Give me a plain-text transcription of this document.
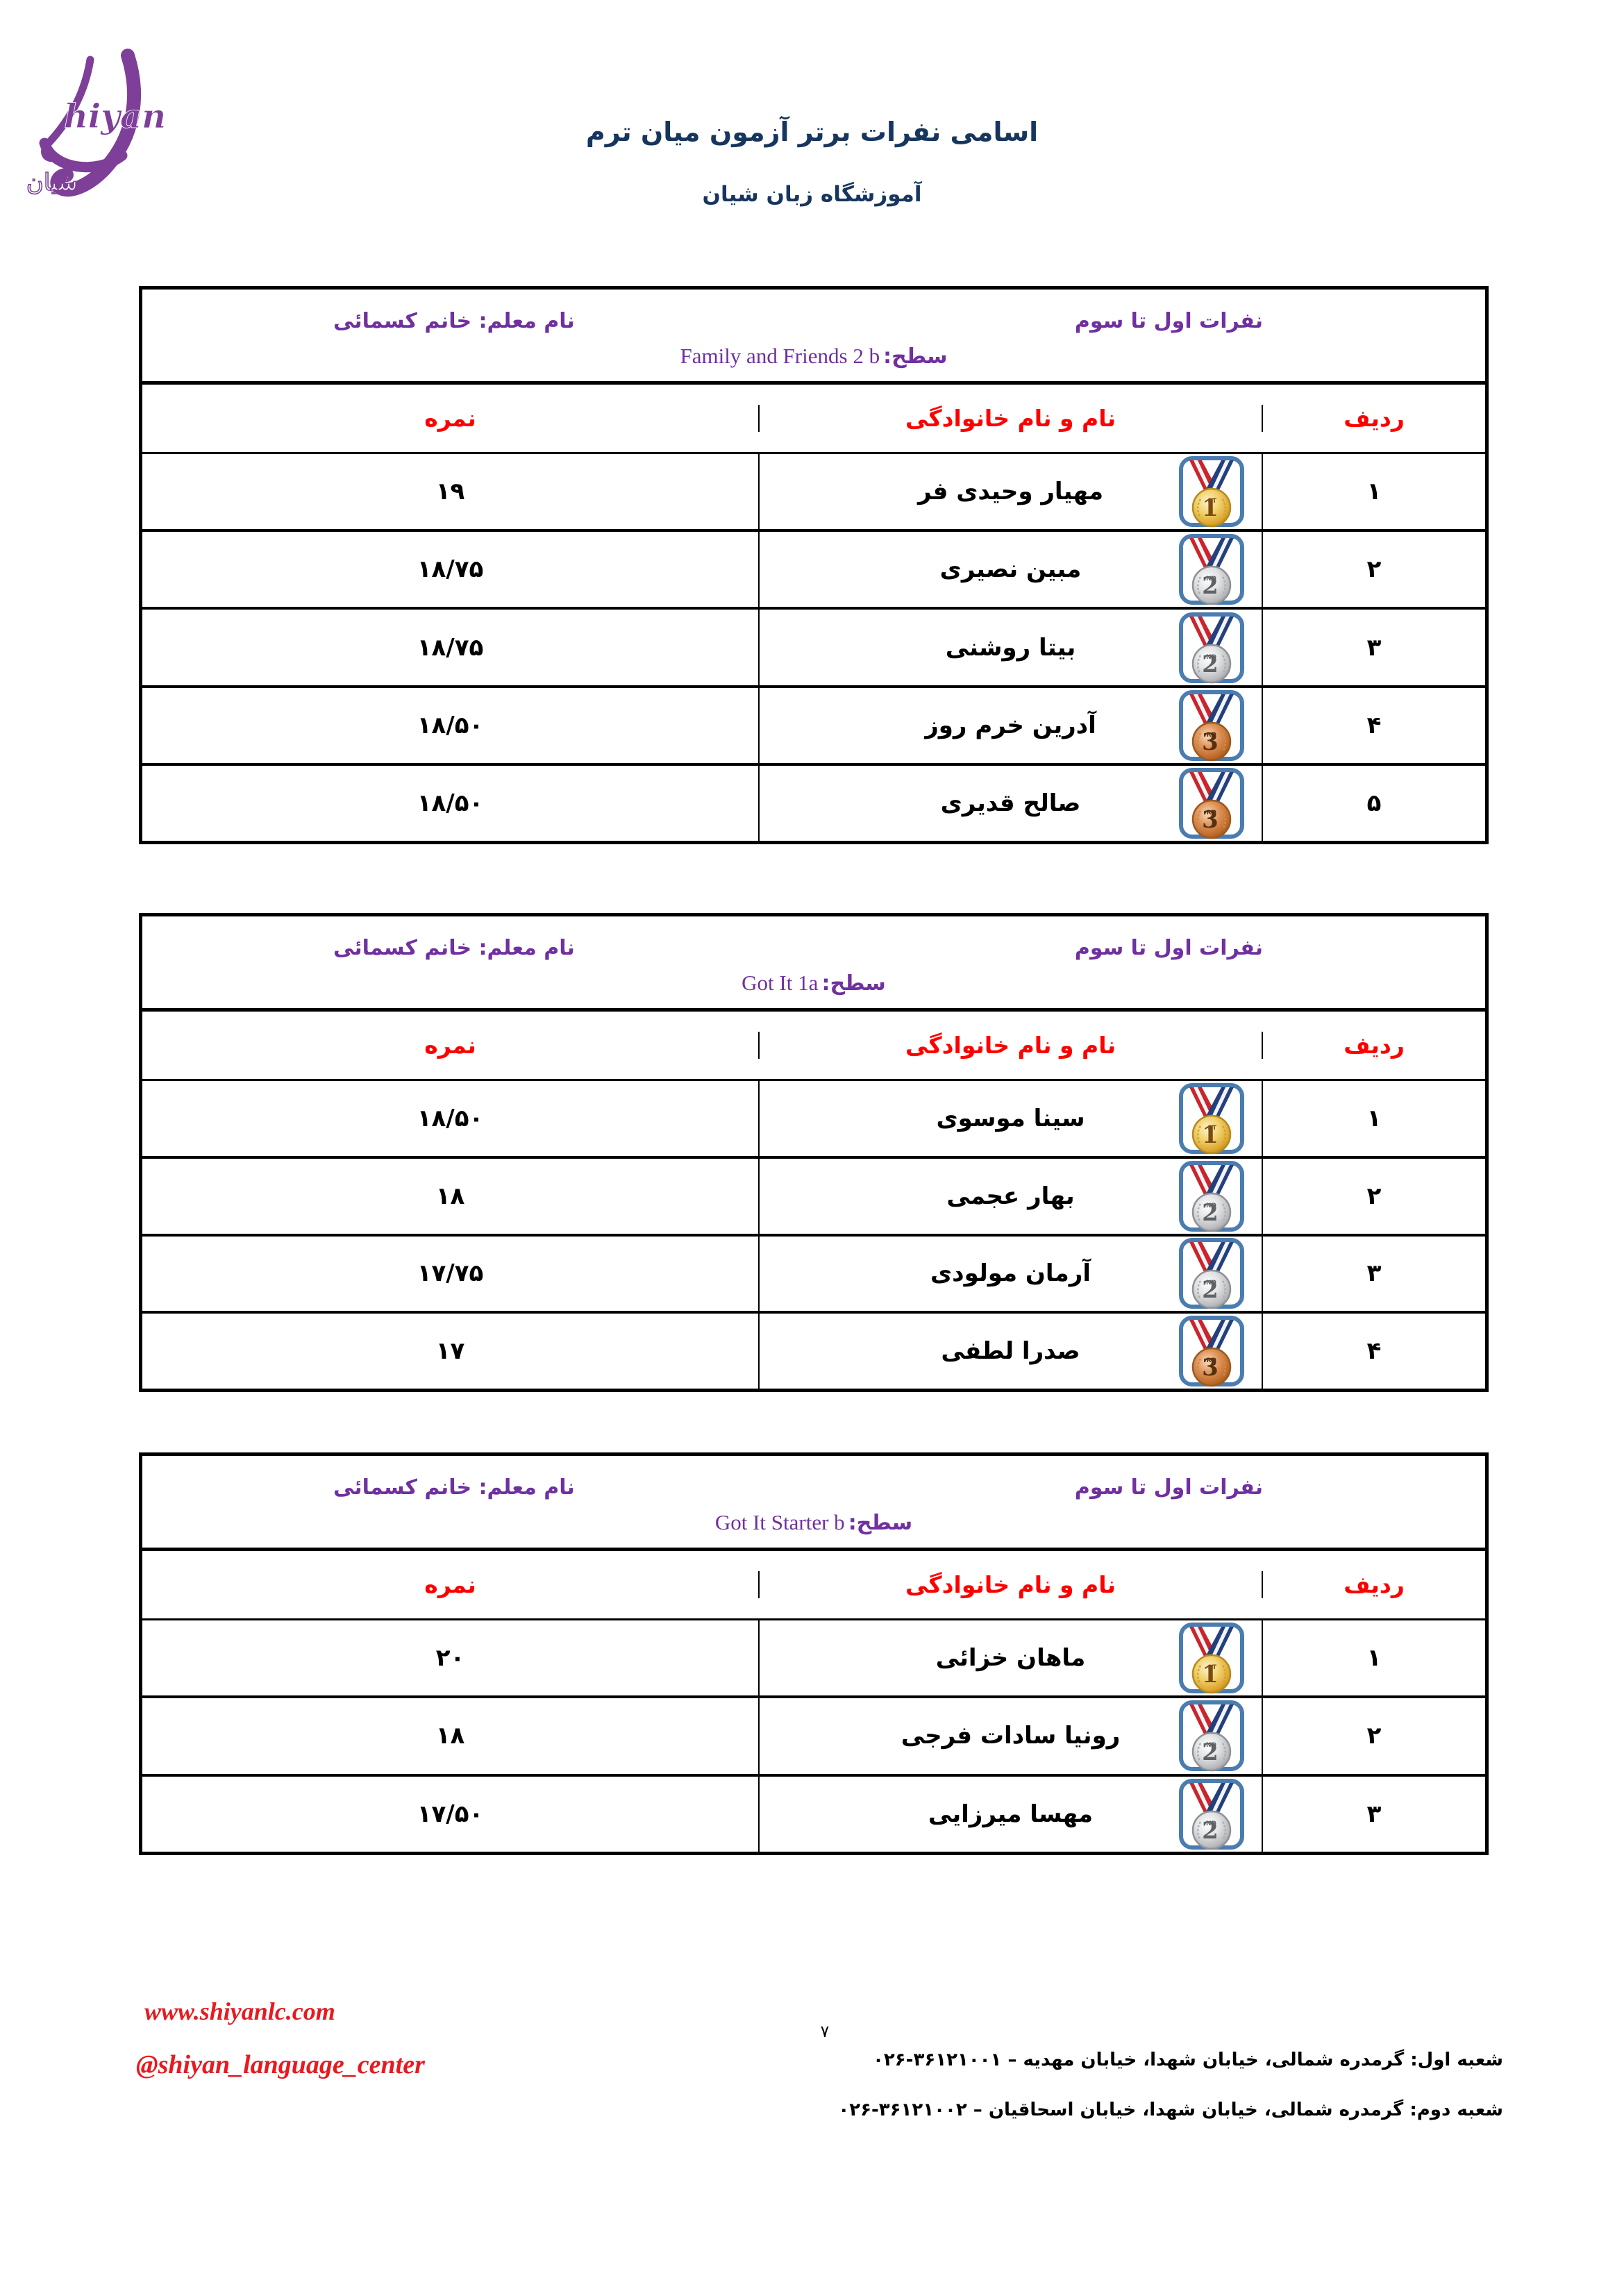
hiyan
شیان
اسامی نفرات برتر آزمون میان ترم
آموزشگاه زبان شیان
نفرات اول تا سوم
نام معلم: خانم کسمائی
سطح: Family and Friends 2 b
ردیف
نام و نام خانوادگی
نمره
۱
مهیار وحیدی فر
۱۹
۲
مبین نصیری
۱۸/۷۵
۳
بیتا روشنی
۱۸/۷۵
۴
آدرین خرم روز
۱۸/۵۰
۵
صالح قدیری
۱۸/۵۰
نفرات اول تا سوم
نام معلم: خانم کسمائی
سطح: Got It 1a
ردیف
نام و نام خانوادگی
نمره
۱
سینا موسوی
۱۸/۵۰
۲
بهار عجمی
۱۸
۳
آرمان مولودی
۱۷/۷۵
۴
صدرا لطفی
۱۷
نفرات اول تا سوم
نام معلم: خانم کسمائی
سطح: Got It Starter b
ردیف
نام و نام خانوادگی
نمره
۱
ماهان خزائی
۲۰
۲
رونیا سادات فرجی
۱۸
۳
مهسا میرزایی
۱۷/۵۰
www.shiyanlc.com
@shiyan_language_center
۷
شعبه اول: گرمدره شمالی، خیابان شهدا، خیابان مهدیه – ۳۶۱۲۱۰۰۱-۰۲۶
شعبه دوم: گرمدره شمالی، خیابان شهدا، خیابان اسحاقیان – ۳۶۱۲۱۰۰۲-۰۲۶
